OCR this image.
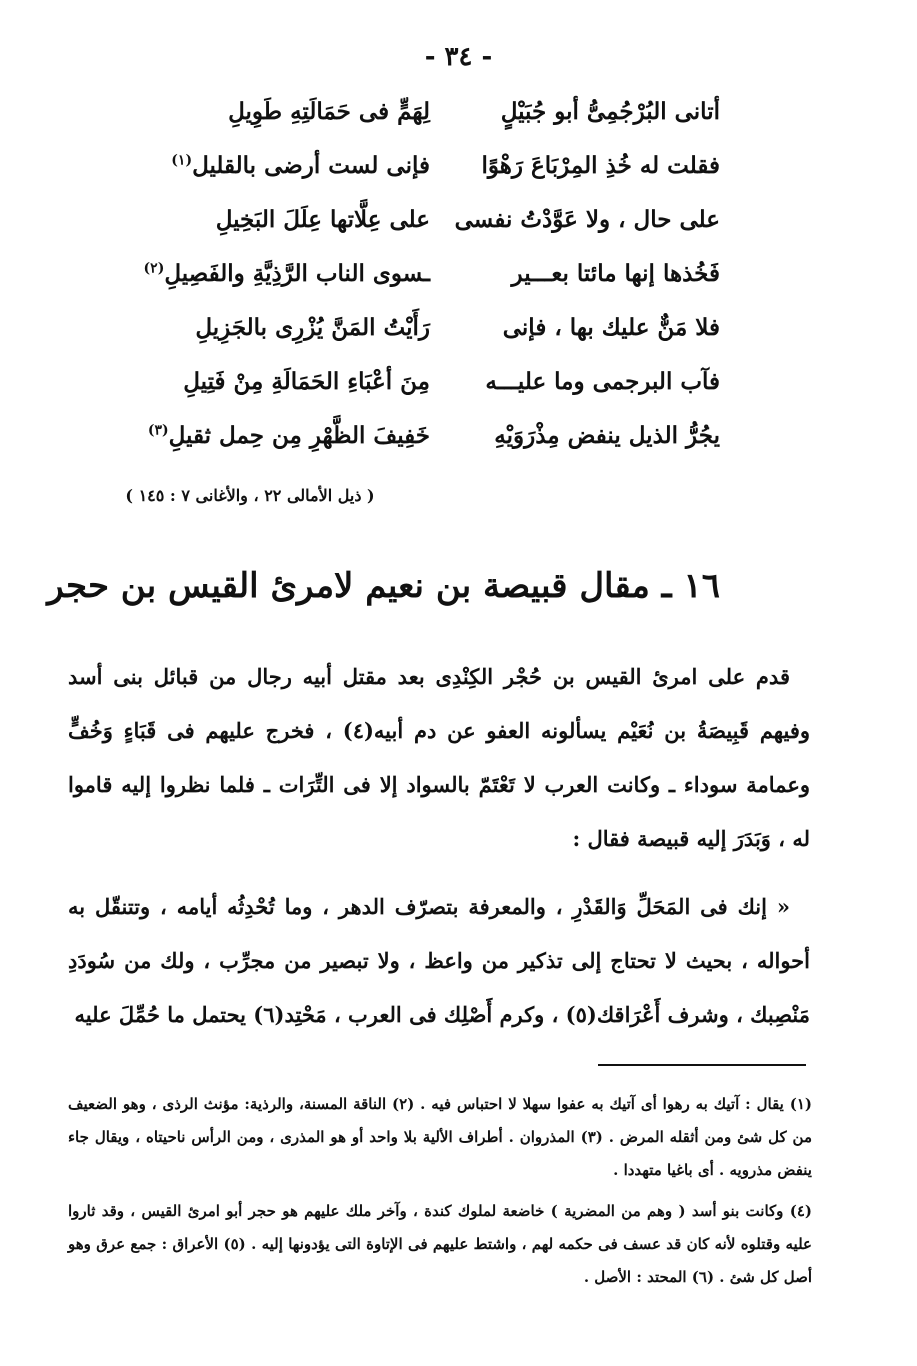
- ٣٤ -
أتانى البُرْجُمِىُّ أبو جُبَيْلٍ
لِهَمٍّ فى حَمَالَتِهِ طَوِيلِ
فقلت له خُذِ المِرْبَاعَ رَهْوًا
فإنى لست أرضى بالقليل$^{(١)}$
على حال ، ولا عَوَّدْتُ نفسى
على عِلَّاتها عِلَلَ البَخِيلِ
فَخُذها إنها مائتا بعـــير
ـسوى الناب الرَّذِيَّةِ والفَصِيلِ$^{(٢)}$
فلا مَنٌّ عليك بها ، فإنى
رَأَيْتُ المَنَّ يُزْرِى بالجَزِيلِ
فآب البرجمى وما عليـــه
مِنَ أعْبَاءِ الحَمَالَةِ مِنْ فَتِيلِ
يجُرُّ الذيل ينفض مِذْرَوَيْهِ
خَفِيفَ الظَّهْرِ مِن حِمل ثقيلِ$^{(٣)}$
( ذيل الأمالى ٢٢ ، والأغانى ٧ : ١٤٥ )
١٦ ـ مقال قبيصة بن نعيم لامرئ القيس بن حجر

قدم على امرئ القيس بن حُجْر الكِنْدِى بعد مقتل أبيه رجال من قبائل بنى أسد وفيهم قَبِيصَةُ بن نُعَيْم يسألونه العفو عن دم أبيه(٤) ، فخرج عليهم فى قَبَاءٍ وَخُفٍّ وعمامة سوداء ـ وكانت العرب لا تَعْتَمّ بالسواد إلا فى التِّرَات ـ فلما نظروا إليه قاموا له ، وَبَدَرَ إليه قبيصة فقال :

« إنك فى المَحَلِّ وَالقَدْرِ ، والمعرفة بتصرّف الدهر ، وما تُحْدِثُه أيامه ، وتتنقّل به أحواله ، بحيث لا تحتاج إلى تذكير من واعظ ، ولا تبصير من مجرِّب ، ولك من سُودَدِ مَنْصِبك ، وشرف أَعْرَاقك(٥) ، وكرم أَصْلِك فى العرب ، مَحْتِد(٦) يحتمل ما حُمِّلَ عليه

(١) يقال : آتيك به رهوا أى آتيك به عفوا سهلا لا احتباس فيه . (٢) الناقة المسنة، والرذية: مؤنث الرذى ، وهو الضعيف من كل شئ ومن أثقله المرض . (٣) المذروان . أطراف الألية بلا واحد أو هو المذرى ، ومن الرأس ناحيتاه ، ويقال جاء ينفض مذرويه . أى باغيا متهددا .

(٤) وكانت بنو أسد ( وهم من المضرية ) خاضعة لملوك كندة ، وآخر ملك عليهم هو حجر أبو امرئ القيس ، وقد ثاروا عليه وقتلوه لأنه كان قد عسف فى حكمه لهم ، واشتط عليهم فى الإتاوة التى يؤدونها إليه . (٥) الأعراق : جمع عرق وهو أصل كل شئ . (٦) المحتد : الأصل .
